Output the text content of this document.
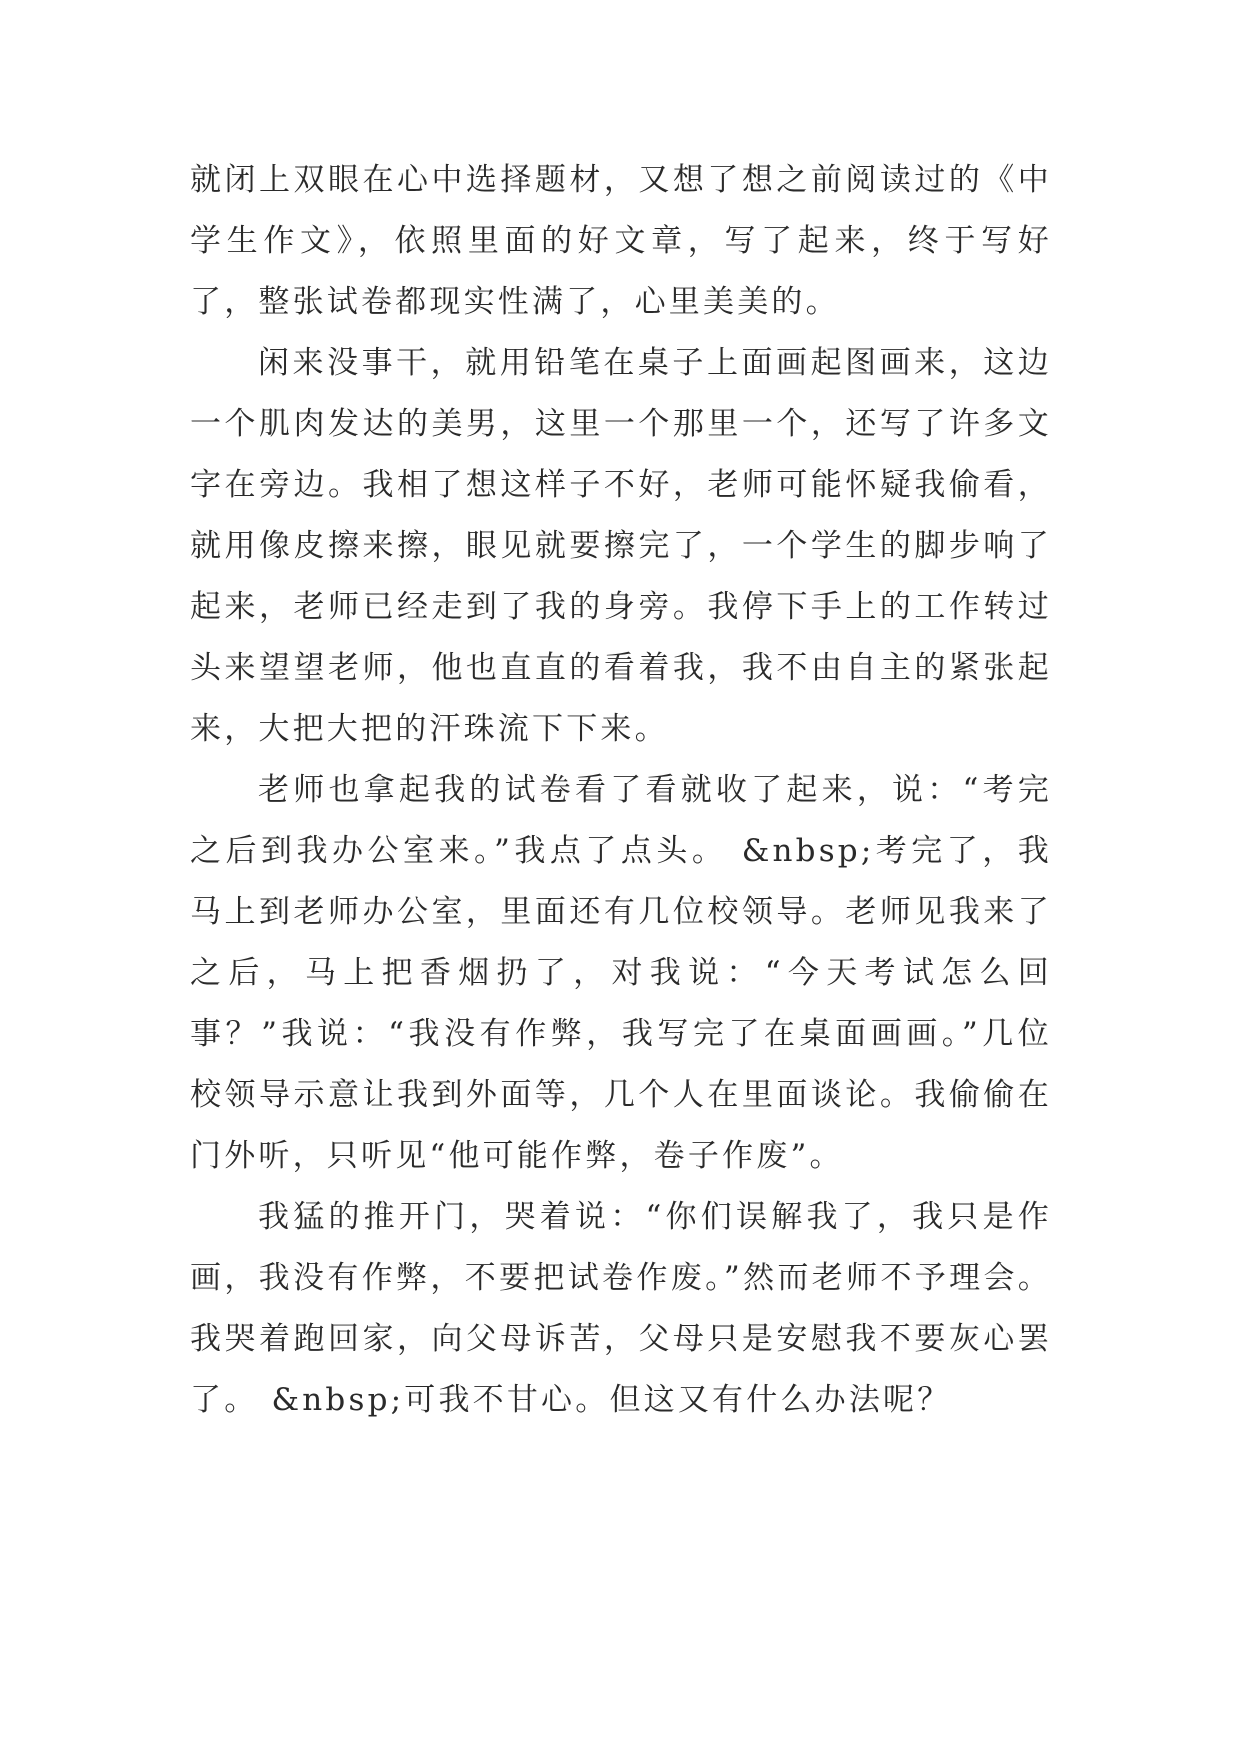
就闭上双眼在心中选择题材，又想了想之前阅读过的《中学生作文》，依照里面的好文章，写了起来，终于写好了，整张试卷都现实性满了，心里美美的。

闲来没事干，就用铅笔在桌子上面画起图画来，这边一个肌肉发达的美男，这里一个那里一个，还写了许多文字在旁边。我相了想这样子不好，老师可能怀疑我偷看，就用像皮擦来擦，眼见就要擦完了，一个学生的脚步响了起来，老师已经走到了我的身旁。我停下手上的工作转过头来望望老师，他也直直的看着我，我不由自主的紧张起来，大把大把的汗珠流下下来。

老师也拿起我的试卷看了看就收了起来，说：“考完之后到我办公室来。”我点了点头。 &nbsp;考完了，我马上到老师办公室，里面还有几位校领导。老师见我来了之后，马上把香烟扔了，对我说：“今天考试怎么回事？”我说：“我没有作弊，我写完了在桌面画画。”几位校领导示意让我到外面等，几个人在里面谈论。我偷偷在门外听，只听见“他可能作弊，卷子作废”。

我猛的推开门，哭着说：“你们误解我了，我只是作画，我没有作弊，不要把试卷作废。”然而老师不予理会。我哭着跑回家，向父母诉苦，父母只是安慰我不要灰心罢了。 &nbsp;可我不甘心。但这又有什么办法呢？
